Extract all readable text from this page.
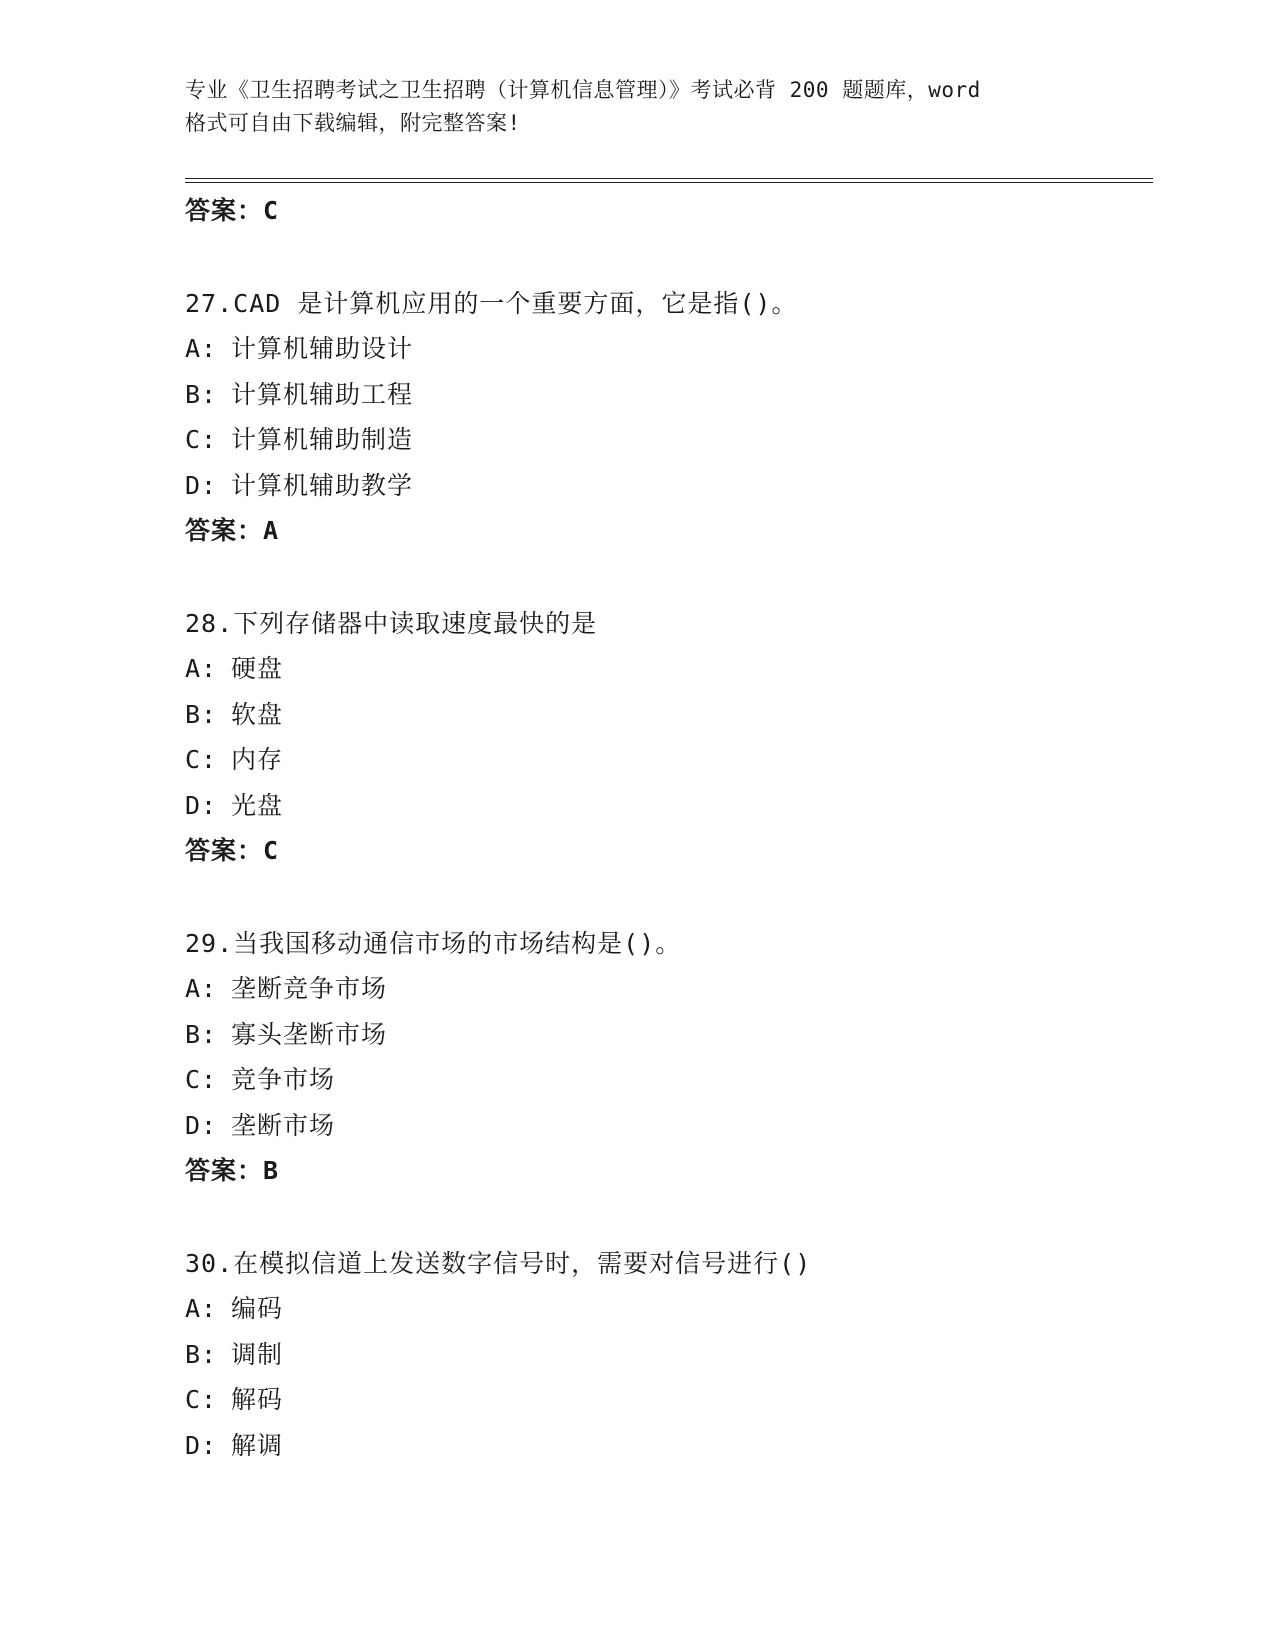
专业《卫生招聘考试之卫生招聘（计算机信息管理）》考试必背 200 题题库，word
格式可自由下载编辑，附完整答案!
答案：C
27.CAD 是计算机应用的一个重要方面，它是指()。
A: 计算机辅助设计
B: 计算机辅助工程
C: 计算机辅助制造
D: 计算机辅助教学
答案：A
28.下列存储器中读取速度最快的是
A: 硬盘
B: 软盘
C: 内存
D: 光盘
答案：C
29.当我国移动通信市场的市场结构是()。
A: 垄断竞争市场
B: 寡头垄断市场
C: 竞争市场
D: 垄断市场
答案：B
30.在模拟信道上发送数字信号时，需要对信号进行()
A: 编码
B: 调制
C: 解码
D: 解调
